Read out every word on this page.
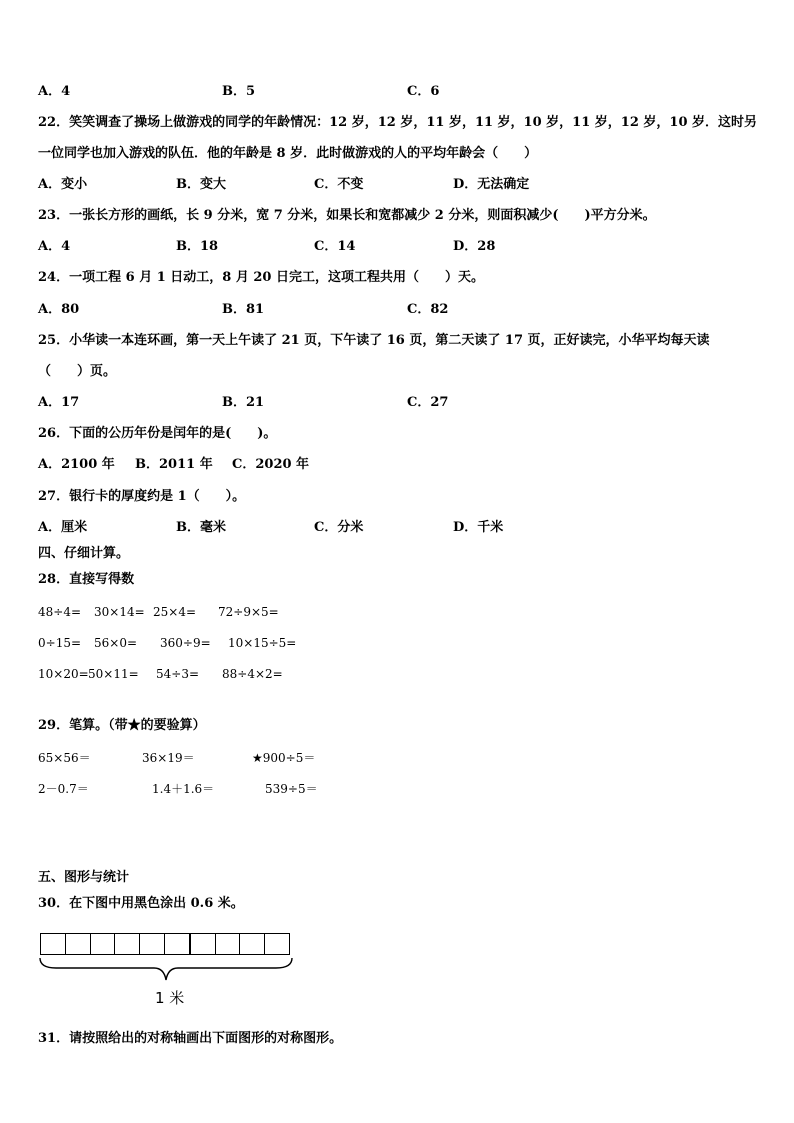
A．4	B．5	C．6
22．笑笑调查了操场上做游戏的同学的年龄情况：12 岁，12 岁，11 岁，11 岁，10 岁，11 岁，12 岁，10 岁．这时另
一位同学也加入游戏的队伍．他的年龄是 8 岁．此时做游戏的人的平均年龄会（　　）
A．变小	B．变大	C．不变	D．无法确定
23．一张长方形的画纸，长 9 分米，宽 7 分米，如果长和宽都减少 2 分米，则面积减少(　　)平方分米。
A．4	B．18	C．14	D．28
24．一项工程 6 月 1 日动工，8 月 20 日完工，这项工程共用（　　）天。
A．80	B．81	C．82
25．小华读一本连环画，第一天上午读了 21 页，下午读了 16 页，第二天读了 17 页，正好读完，小华平均每天读
（　　）页。
A．17	B．21	C．27
26．下面的公历年份是闰年的是(　　)。
A．2100 年 B．2011 年 C．2020 年
27．银行卡的厚度约是 1（　　）。
A．厘米	B．毫米	C．分米	D．千米
四、仔细计算。
28．直接写得数
48÷4= 30×14= 25×4= 72÷9×5=
0÷15= 56×0= 360÷9= 10×15÷5=
10×20= 50×11= 54÷3= 88÷4×2=
29．笔算。（带★的要验算）
65×56＝	36×19＝	★900÷5＝
2－0.7＝	1.4＋1.6＝	539÷5＝
五、图形与统计
30．在下图中用黑色涂出 0.6 米。
1 米
31．请按照给出的对称轴画出下面图形的对称图形。
